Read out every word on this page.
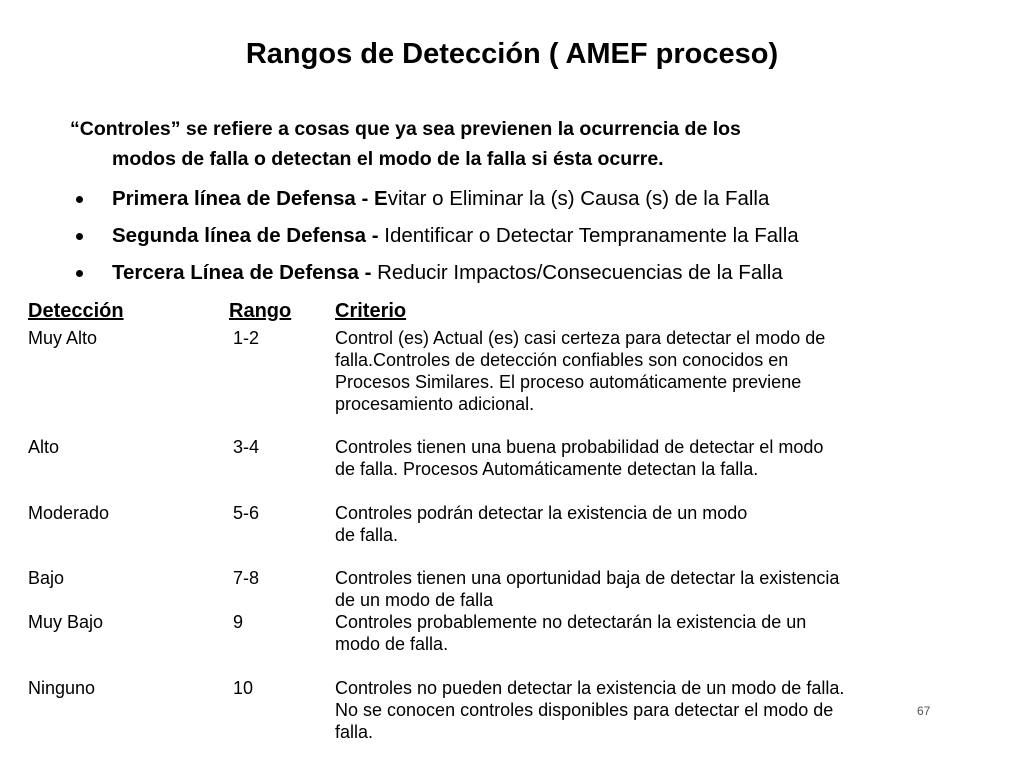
Rangos de Detección ( AMEF proceso)

“Controles” se refiere a cosas que ya sea previenen la ocurrencia de los
modos de falla o detectan el modo de la falla si ésta ocurre.

Primera línea de Defensa - Evitar o Eliminar la (s) Causa (s) de la Falla
Segunda línea de Defensa - Identificar o Detectar Tempranamente la Falla
Tercera Línea de Defensa - Reducir Impactos/Consecuencias de la Falla
Detección	Rango Criterio
Muy Alto	1-2	Control (es) Actual (es) casi certeza para detectar el modo de
falla.Controles de detección confiables son conocidos en
Procesos Similares. El proceso automáticamente previene
procesamiento adicional.
Alto	3-4	Controles tienen una buena probabilidad de detectar el modo
de falla. Procesos Automáticamente detectan la falla.
Moderado	5-6	Controles podrán detectar la existencia de un modo
de falla.
Bajo	7-8	Controles tienen una oportunidad baja de detectar la existencia
de un modo de falla
Muy Bajo	9	Controles probablemente no detectarán la existencia de un
modo de falla.
Ninguno	10	Controles no pueden detectar la existencia de un modo de falla.
No se conocen controles disponibles para detectar el modo de
falla.
67
